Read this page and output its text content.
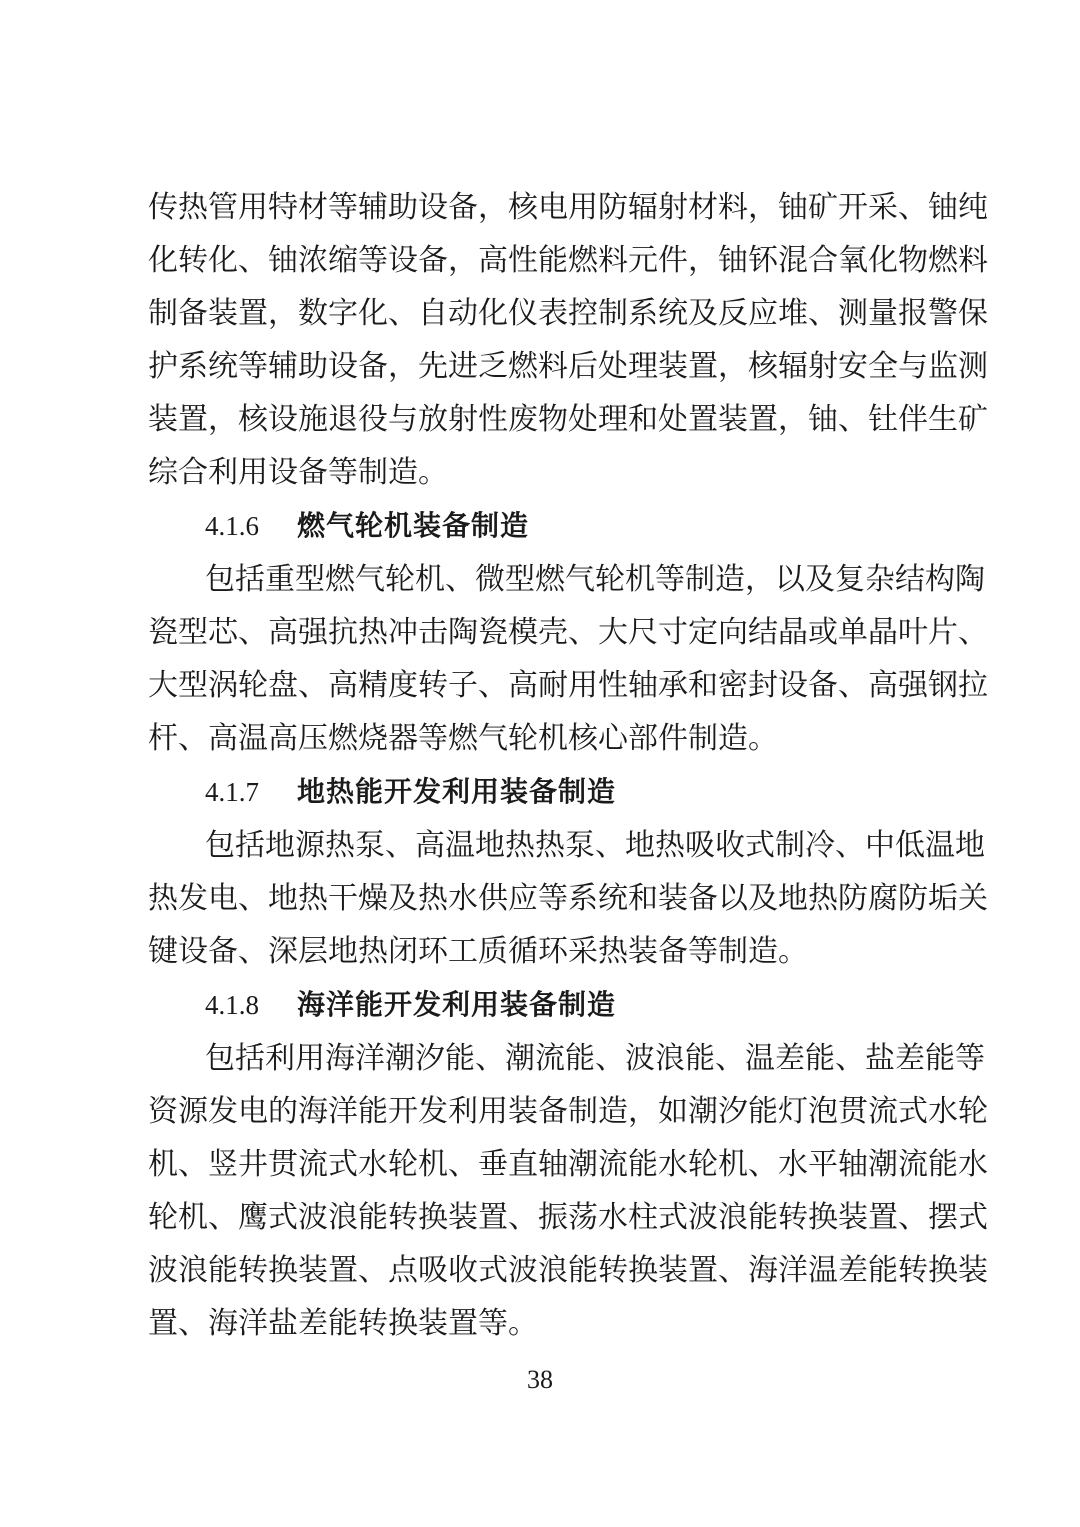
传热管用特材等辅助设备，核电用防辐射材料，铀矿开采、铀纯
化转化、铀浓缩等设备，高性能燃料元件，铀钚混合氧化物燃料
制备装置，数字化、自动化仪表控制系统及反应堆、测量报警保
护系统等辅助设备，先进乏燃料后处理装置，核辐射安全与监测
装置，核设施退役与放射性废物处理和处置装置，铀、钍伴生矿
综合利用设备等制造。
4.1.6 燃气轮机装备制造
包括重型燃气轮机、微型燃气轮机等制造，以及复杂结构陶
瓷型芯、高强抗热冲击陶瓷模壳、大尺寸定向结晶或单晶叶片、
大型涡轮盘、高精度转子、高耐用性轴承和密封设备、高强钢拉
杆、高温高压燃烧器等燃气轮机核心部件制造。
4.1.7 地热能开发利用装备制造
包括地源热泵、高温地热热泵、地热吸收式制冷、中低温地
热发电、地热干燥及热水供应等系统和装备以及地热防腐防垢关
键设备、深层地热闭环工质循环采热装备等制造。
4.1.8 海洋能开发利用装备制造
包括利用海洋潮汐能、潮流能、波浪能、温差能、盐差能等
资源发电的海洋能开发利用装备制造，如潮汐能灯泡贯流式水轮
机、竖井贯流式水轮机、垂直轴潮流能水轮机、水平轴潮流能水
轮机、鹰式波浪能转换装置、振荡水柱式波浪能转换装置、摆式
波浪能转换装置、点吸收式波浪能转换装置、海洋温差能转换装
置、海洋盐差能转换装置等。
38
